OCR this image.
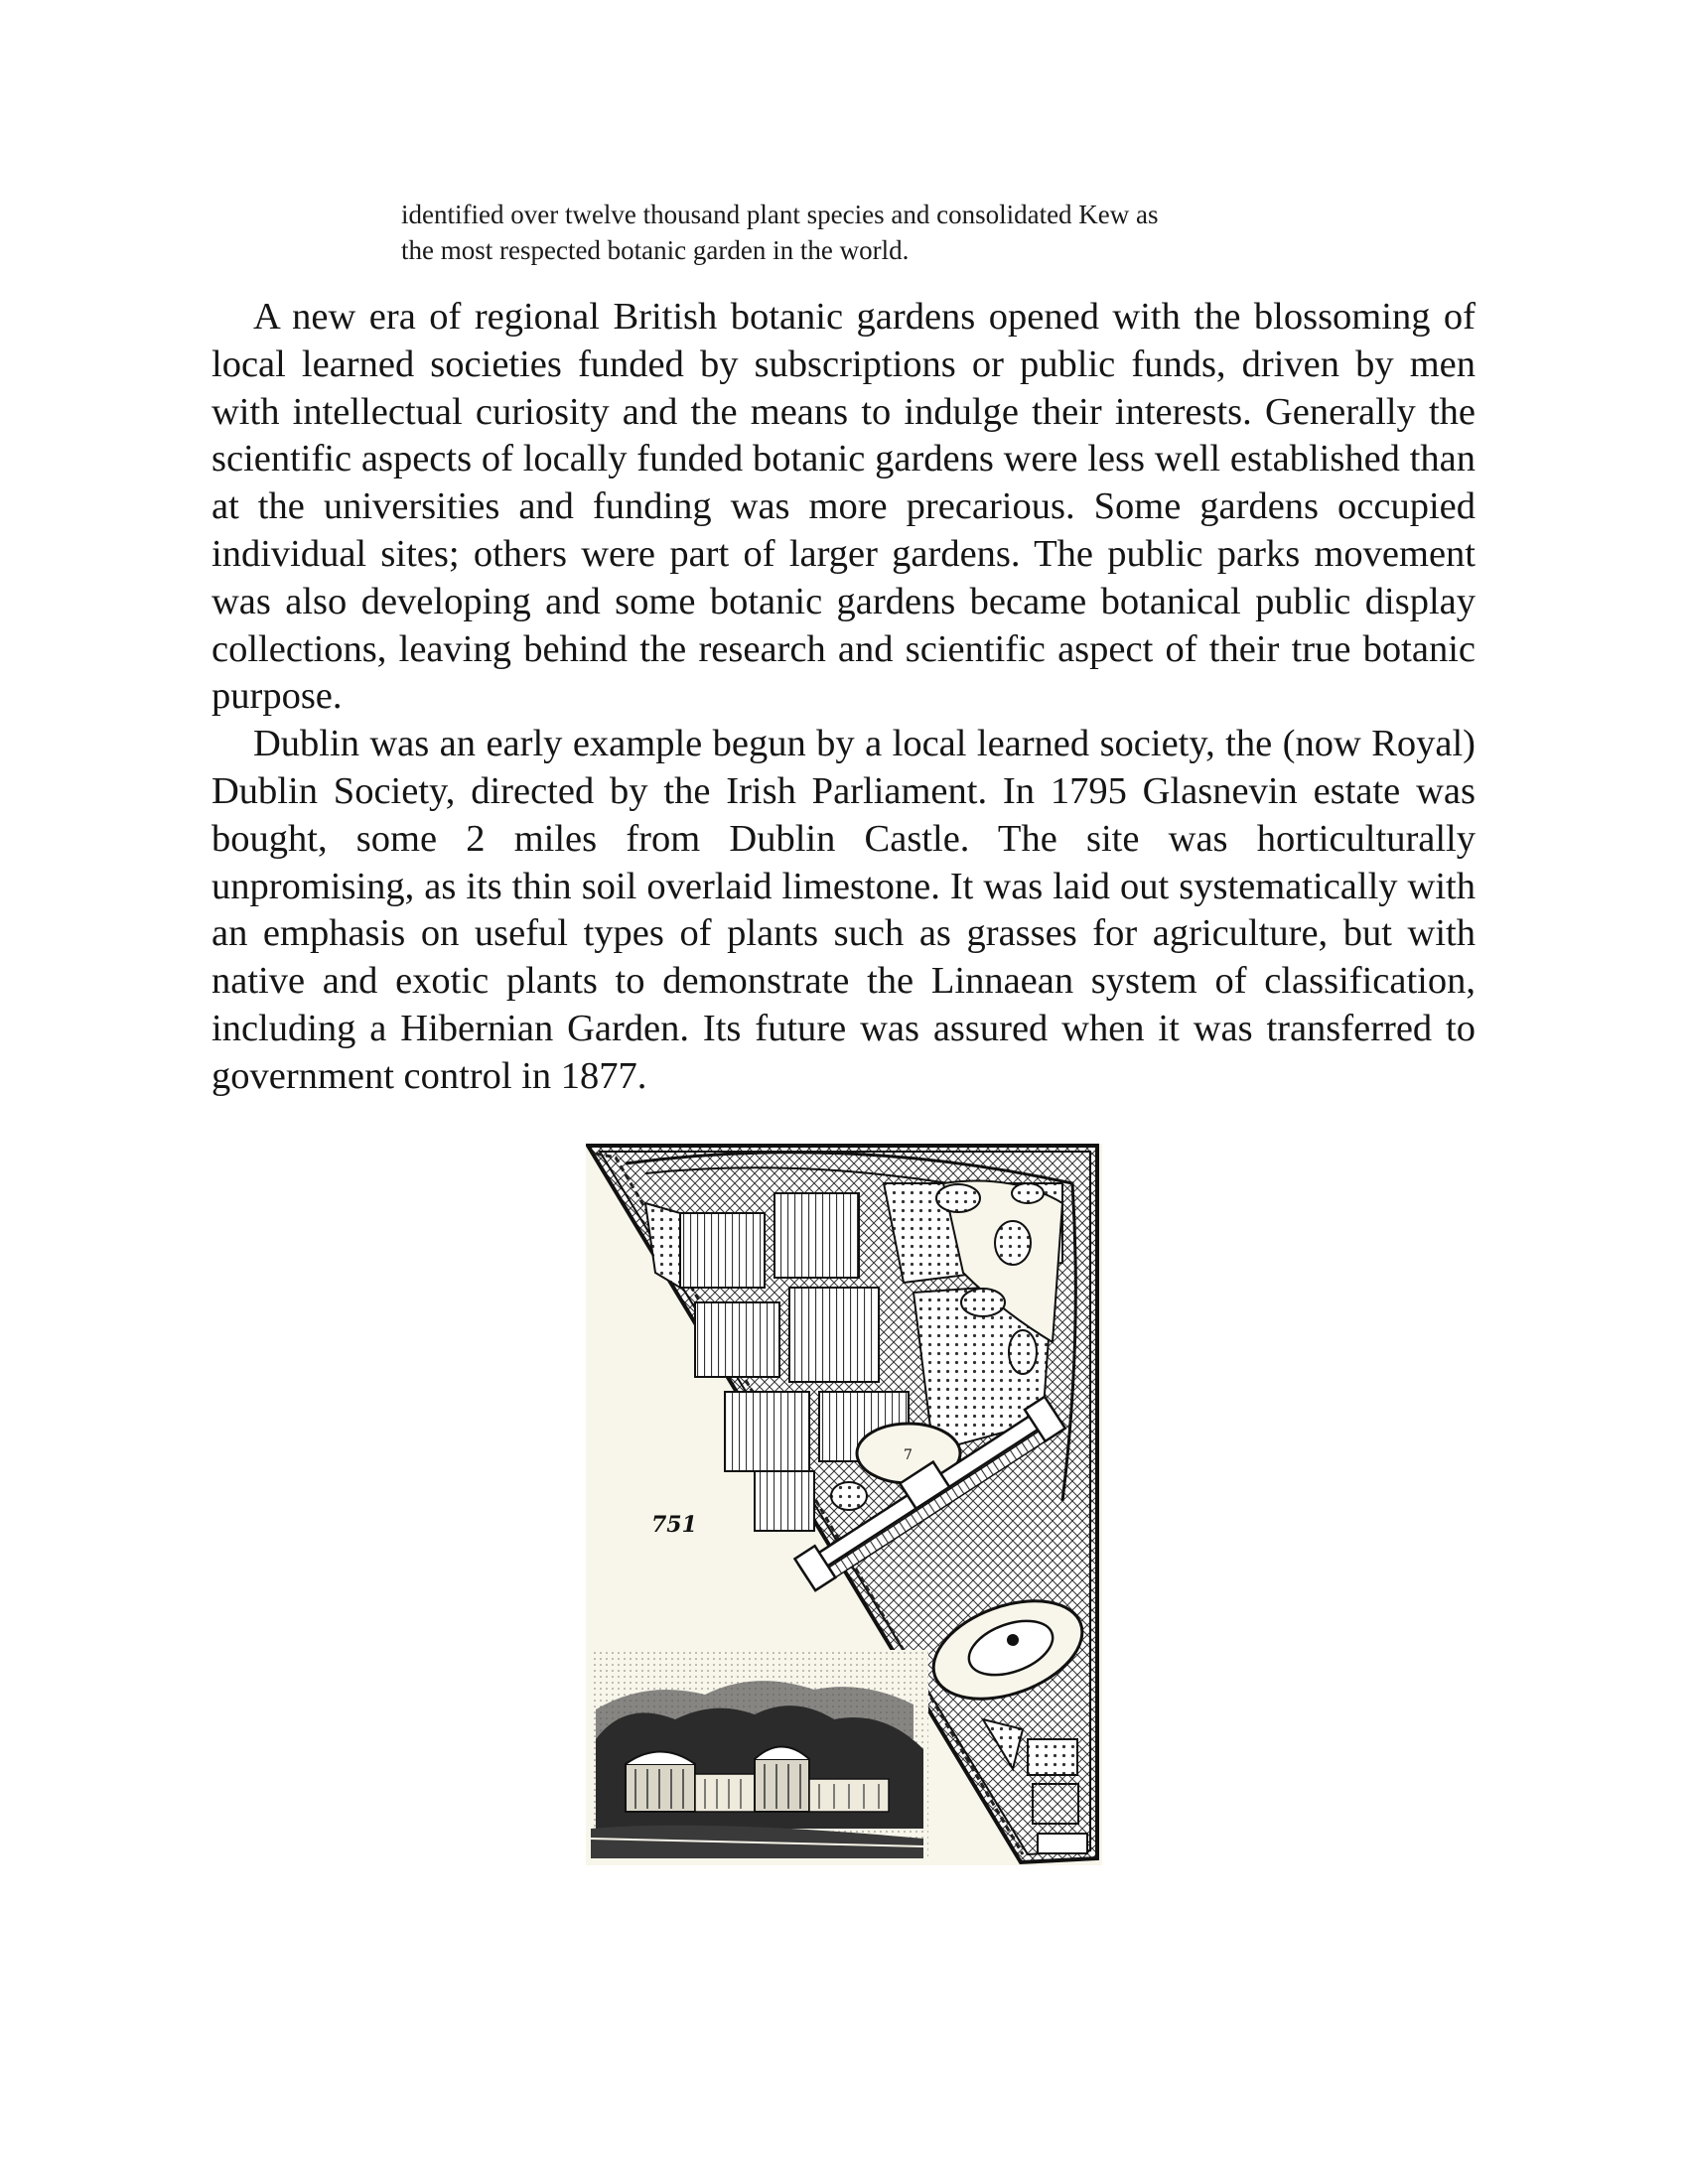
identified over twelve thousand plant species and consolidated Kew as
the most respected botanic garden in the world.

A new era of regional British botanic gardens opened with the blossoming of local learned societies funded by subscriptions or public funds, driven by men with intellectual curiosity and the means to indulge their interests. Generally the scientific aspects of locally funded botanic gardens were less well established than at the universities and funding was more precarious. Some gardens occupied individual sites; others were part of larger gardens. The public parks movement was also developing and some botanic gardens became botanical public display collections, leaving behind the research and scientific aspect of their true botanic purpose.

Dublin was an early example begun by a local learned society, the (now Royal) Dublin Society, directed by the Irish Parliament. In 1795 Glasnevin estate was bought, some 2 miles from Dublin Castle. The site was horticulturally unpromising, as its thin soil overlaid limestone. It was laid out systematically with an emphasis on useful types of plants such as grasses for agriculture, but with native and exotic plants to demonstrate the Linnaean system of classification, including a Hibernian Garden. Its future was assured when it was transferred to government control in 1877.

7
751
